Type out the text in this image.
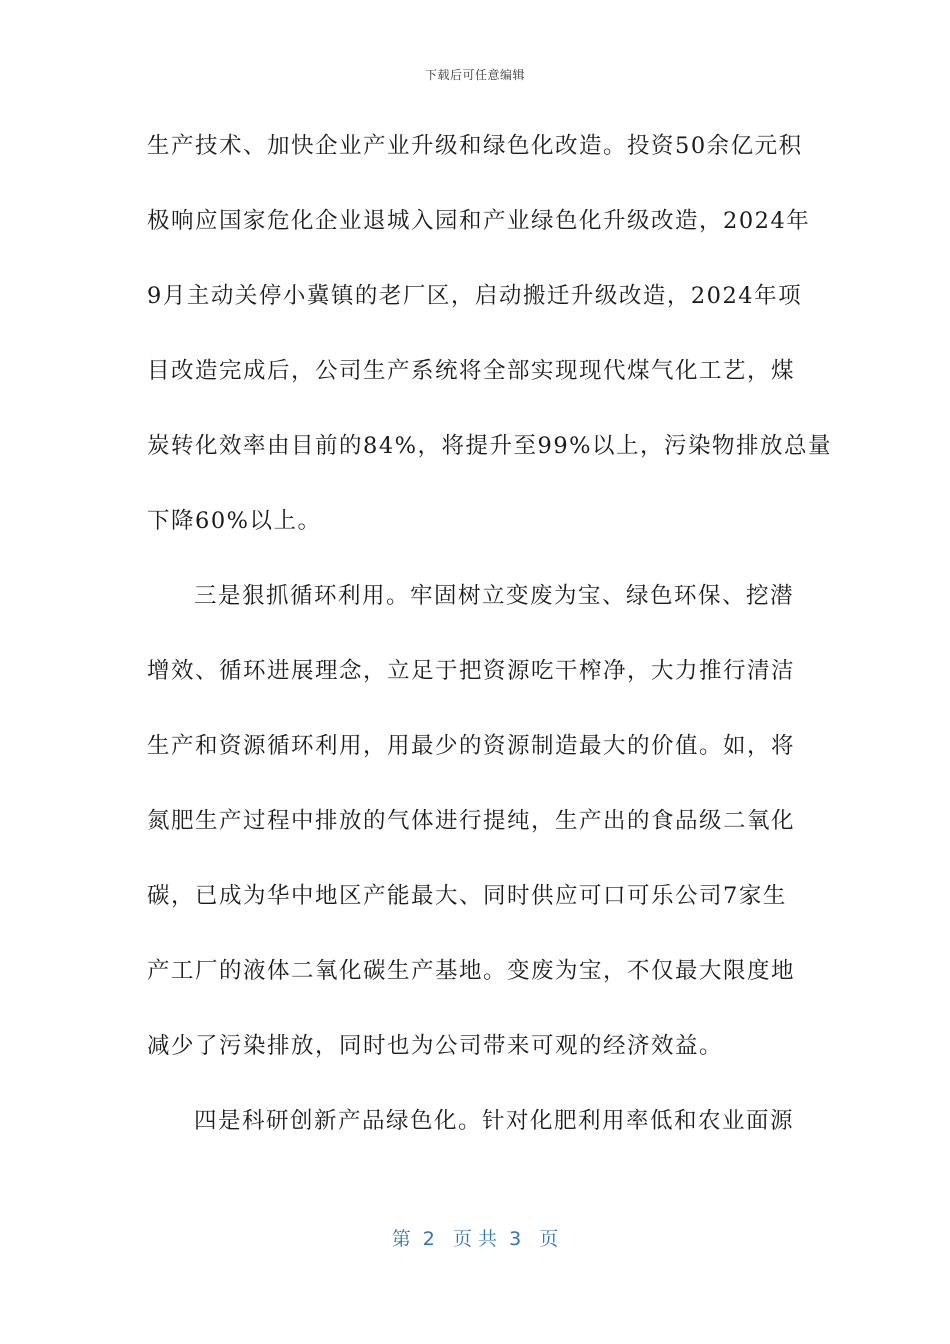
下载后可任意编辑
生产技术、加快企业产业升级和绿色化改造。投资50余亿元积
极响应国家危化企业退城入园和产业绿色化升级改造，2024年
9月主动关停小冀镇的老厂区，启动搬迁升级改造，2024年项
目改造完成后，公司生产系统将全部实现现代煤气化工艺，煤
炭转化效率由目前的84%，将提升至99%以上，污染物排放总量
下降60%以上。
三是狠抓循环利用。牢固树立变废为宝、绿色环保、挖潜
增效、循环进展理念，立足于把资源吃干榨净，大力推行清洁
生产和资源循环利用，用最少的资源制造最大的价值。如，将
氮肥生产过程中排放的气体进行提纯，生产出的食品级二氧化
碳，已成为华中地区产能最大、同时供应可口可乐公司7家生
产工厂的液体二氧化碳生产基地。变废为宝，不仅最大限度地
减少了污染排放，同时也为公司带来可观的经济效益。
四是科研创新产品绿色化。针对化肥利用率低和农业面源
第  2   页 共  3   页
